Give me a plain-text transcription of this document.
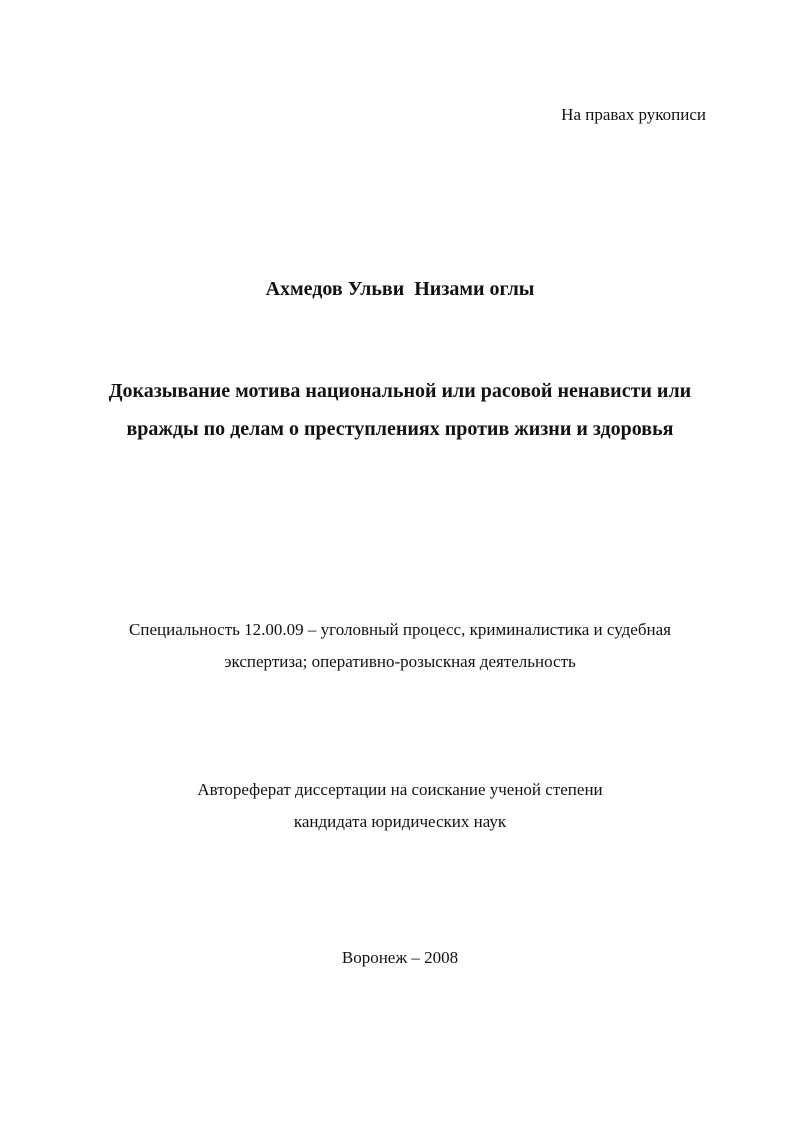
На правах рукописи
Ахмедов Ульви  Низами оглы
Доказывание мотива национальной или расовой ненависти или
вражды по делам о преступлениях против жизни и здоровья
Специальность 12.00.09 – уголовный процесс, криминалистика и судебная
экспертиза; оперативно-розыскная деятельность
Автореферат диссертации на соискание ученой степени
кандидата юридических наук
Воронеж – 2008
